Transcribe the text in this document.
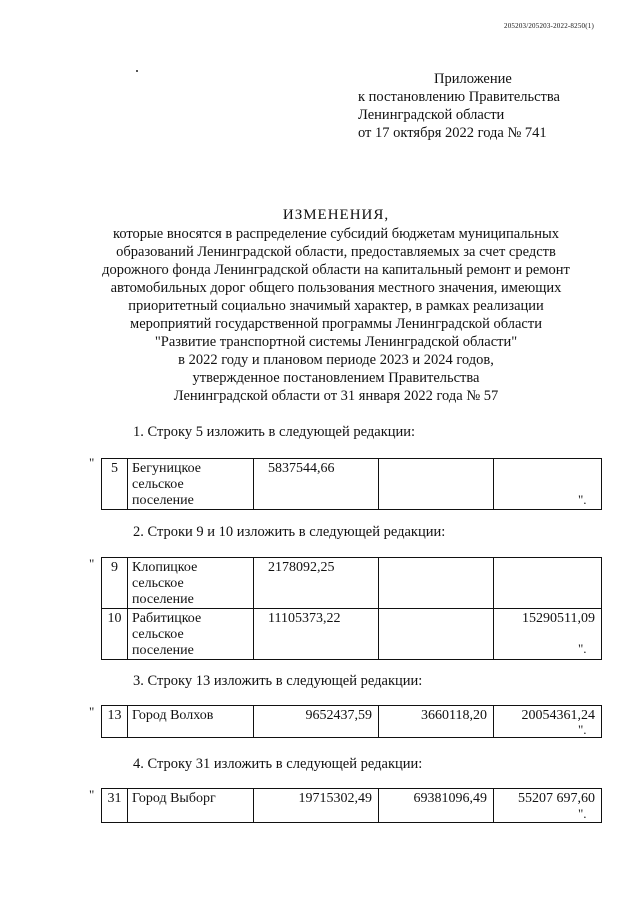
205203/205203-2022-8250(1)
Приложение
к постановлению Правительства
Ленинградской области
от 17 октября 2022 года № 741
ИЗМЕНЕНИЯ,
которые вносятся в распределение субсидий бюджетам муниципальных
образований Ленинградской области, предоставляемых за счет средств
дорожного фонда Ленинградской области на капитальный ремонт и ремонт
автомобильных дорог общего пользования местного значения, имеющих
приоритетный социально значимый характер, в рамках реализации
мероприятий государственной программы Ленинградской области
"Развитие транспортной системы Ленинградской области"
в 2022 году и плановом периоде 2023 и 2024 годов,
утвержденное постановлением Правительства
Ленинградской области от 31 января 2022 года № 57
1. Строку 5 изложить в следующей редакции:
" 5	Бегуницкое
сельское
поселение
	5837544,66		
".
2. Строки 9 и 10 изложить в следующей редакции:
" 9	Клопицкое
сельское
поселение	2178092,25		
10	Рабитицкое
сельское
поселение	11105373,22		15290511,09
".
3. Строку 13 изложить в следующей редакции:
" 13	Город Волхов	9652437,59	3660118,20	20054361,24
".
4. Строку 31 изложить в следующей редакции:
" 31	Город Выборг	19715302,49	69381096,49	55207 697,60
".
